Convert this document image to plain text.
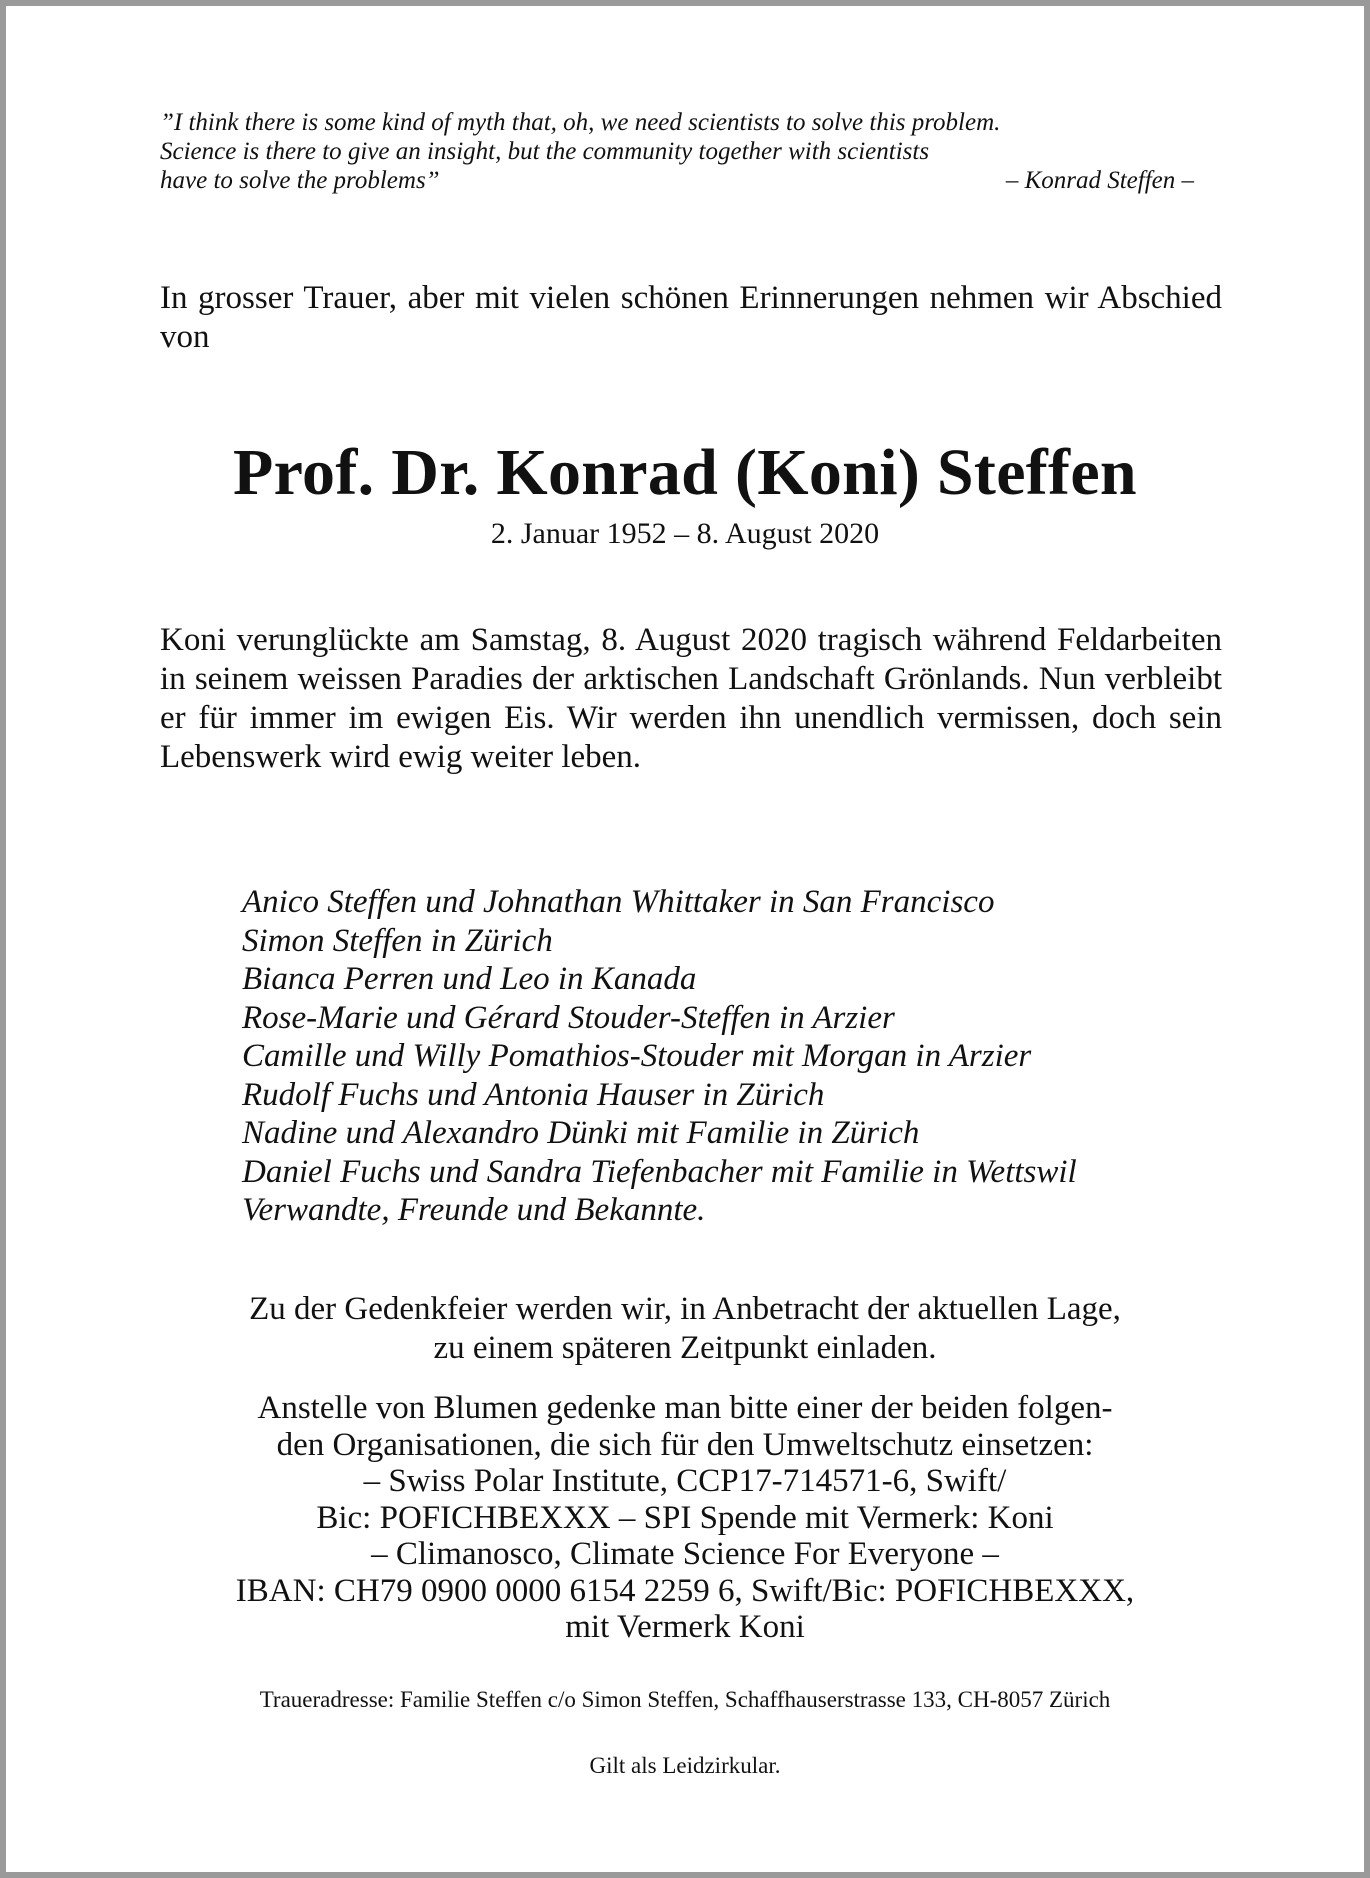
”I think there is some kind of myth that, oh, we need scientists to solve this problem.
Science is there to give an insight, but the community together with scientists
have to solve the problems”	– Konrad Steffen –
In grosser Trauer, aber mit vielen schönen Erinnerungen nehmen wir Abschied von
Prof. Dr. Konrad (Koni) Steffen
2. Januar 1952 – 8. August 2020
Koni verunglückte am Samstag, 8. August 2020 tragisch während Feldarbeiten in seinem weissen Paradies der arktischen Landschaft Grönlands. Nun verbleibt er für immer im ewigen Eis. Wir werden ihn unendlich vermissen, doch sein Lebenswerk wird ewig weiter leben.
Anico Steffen und Johnathan Whittaker in San Francisco
Simon Steffen in Zürich
Bianca Perren und Leo in Kanada
Rose-Marie und Gérard Stouder-Steffen in Arzier
Camille und Willy Pomathios-Stouder mit Morgan in Arzier
Rudolf Fuchs und Antonia Hauser in Zürich
Nadine und Alexandro Dünki mit Familie in Zürich
Daniel Fuchs und Sandra Tiefenbacher mit Familie in Wettswil
Verwandte, Freunde und Bekannte.
Zu der Gedenkfeier werden wir, in Anbetracht der aktuellen Lage,
zu einem späteren Zeitpunkt einladen.
Anstelle von Blumen gedenke man bitte einer der beiden folgen-
den Organisationen, die sich für den Umweltschutz einsetzen:
– Swiss Polar Institute, CCP17-714571-6, Swift/
Bic: POFICHBEXXX – SPI Spende mit Vermerk: Koni
– Climanosco, Climate Science For Everyone –
IBAN: CH79 0900 0000 6154 2259 6, Swift/Bic: POFICHBEXXX,
mit Vermerk Koni
Traueradresse: Familie Steffen c/o Simon Steffen, Schaffhauserstrasse 133, CH-8057 Zürich
Gilt als Leidzirkular.
